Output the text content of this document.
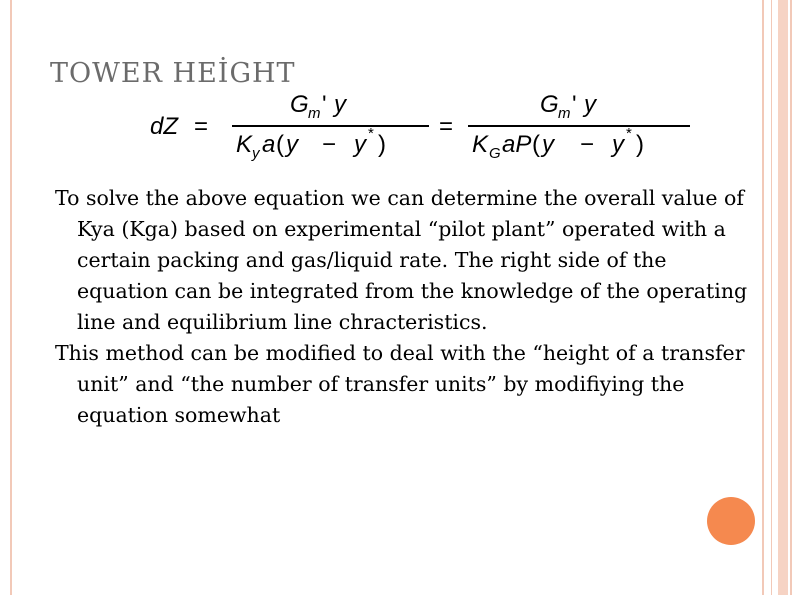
TOWER HEİGHT
dZ =
G m ' y
K y a ( y − y * )
=
G m ' y
K G aP ( y − y * )

To solve the above equation we can determine the overall value of Kya (Kga) based on experimental “pilot plant” operated with a certain packing and gas/liquid rate. The right side of the equation can be integrated from the knowledge of the operating line and equilibrium line chracteristics.

This method can be modified to deal with the “height of a transfer unit” and “the number of transfer units” by modifiying the equation somewhat
